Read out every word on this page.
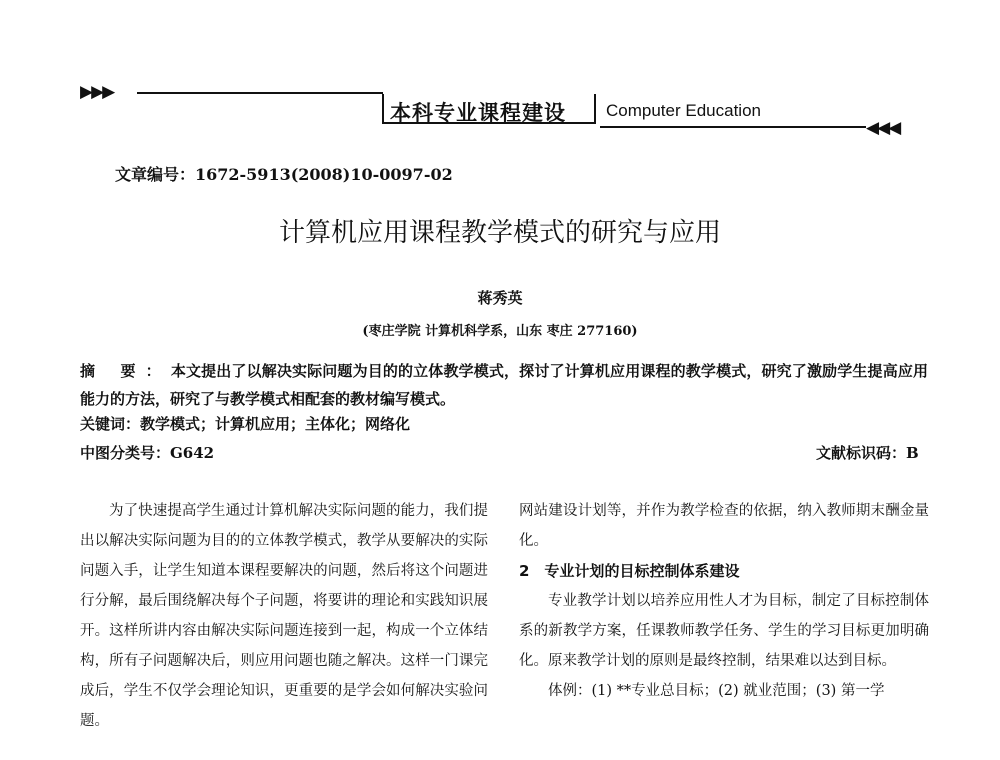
▶▶▶
本科专业课程建设 Computer Education
◀◀◀
文章编号：1672-5913(2008)10-0097-02
计算机应用课程教学模式的研究与应用
蒋秀英
(枣庄学院 计算机科学系，山东 枣庄 277160)
摘 要：本文提出了以解决实际问题为目的的立体教学模式，探讨了计算机应用课程的教学模式，研究了激励学生提高应用能力的方法，研究了与教学模式相配套的教材编写模式。
关键词：教学模式；计算机应用；主体化；网络化
中图分类号：G642	文献标识码：B

为了快速提高学生通过计算机解决实际问题的能力，我们提出以解决实际问题为目的的立体教学模式，教学从要解决的实际问题入手，让学生知道本课程要解决的问题，然后将这个问题进行分解，最后围绕解决每个子问题，将要讲的理论和实践知识展开。这样所讲内容由解决实际问题连接到一起，构成一个立体结构，所有子问题解决后，则应用问题也随之解决。这样一门课完成后，学生不仅学会理论知识，更重要的是学会如何解决实验问题。

网站建设计划等，并作为教学检查的依据，纳入教师期末酬金量化。

2　专业计划的目标控制体系建设

专业教学计划以培养应用性人才为目标，制定了目标控制体系的新教学方案，任课教师教学任务、学生的学习目标更加明确化。原来教学计划的原则是最终控制，结果难以达到目标。

体例：(1) **专业总目标；(2) 就业范围；(3) 第一学
